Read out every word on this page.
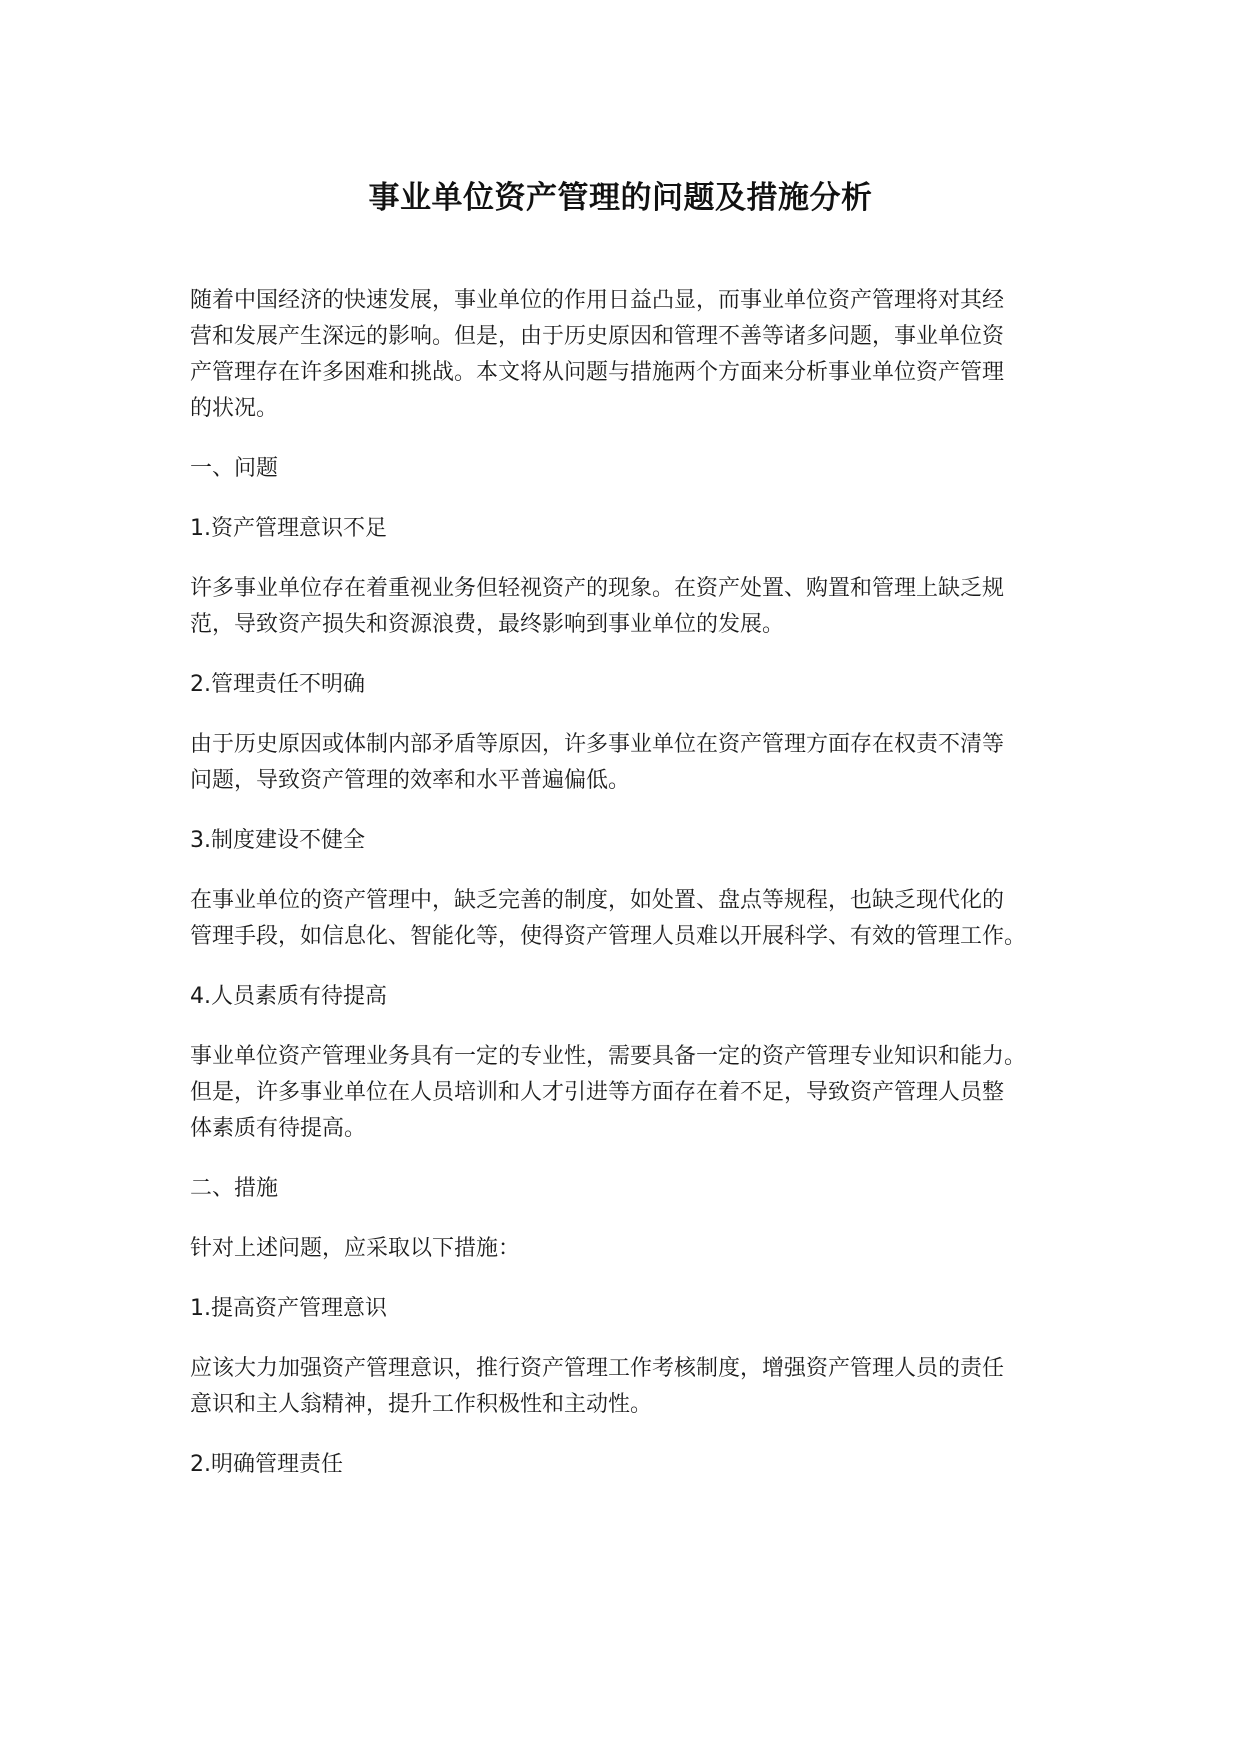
事业单位资产管理的问题及措施分析

随着中国经济的快速发展，事业单位的作用日益凸显，而事业单位资产管理将对其经

营和发展产生深远的影响。但是，由于历史原因和管理不善等诸多问题，事业单位资

产管理存在许多困难和挑战。本文将从问题与措施两个方面来分析事业单位资产管理

的状况。

一、问题

1.资产管理意识不足

许多事业单位存在着重视业务但轻视资产的现象。在资产处置、购置和管理上缺乏规

范，导致资产损失和资源浪费，最终影响到事业单位的发展。

2.管理责任不明确

由于历史原因或体制内部矛盾等原因，许多事业单位在资产管理方面存在权责不清等

问题，导致资产管理的效率和水平普遍偏低。

3.制度建设不健全

在事业单位的资产管理中，缺乏完善的制度，如处置、盘点等规程，也缺乏现代化的

管理手段，如信息化、智能化等，使得资产管理人员难以开展科学、有效的管理工作。

4.人员素质有待提高

事业单位资产管理业务具有一定的专业性，需要具备一定的资产管理专业知识和能力。

但是，许多事业单位在人员培训和人才引进等方面存在着不足，导致资产管理人员整

体素质有待提高。

二、措施

针对上述问题，应采取以下措施：

1.提高资产管理意识

应该大力加强资产管理意识，推行资产管理工作考核制度，增强资产管理人员的责任

意识和主人翁精神，提升工作积极性和主动性。

2.明确管理责任
